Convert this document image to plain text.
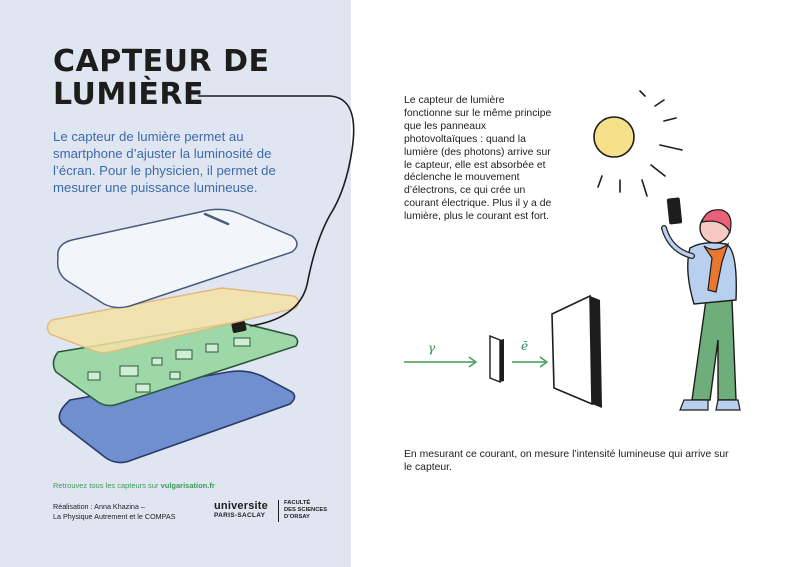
CAPTEUR DE
LUMIÈRE

Le capteur de lumière permet au smartphone d’ajuster la luminosité de l’écran. Pour le physicien, il permet de mesurer une puissance lumineuse.

Le capteur de lumière fonctionne sur le même principe que les panneaux photovoltaïques : quand la lumière (des photons) arrive sur le capteur, elle est absorbée et déclenche le mouvement d’électrons, ce qui crée un courant électrique. Plus il y a de lumière, plus le courant est fort.

γ	ē

En mesurant ce courant, on mesure l’intensité lumineuse qui arrive sur le capteur.

Retrouvez tous les capteurs sur vulgarisation.fr

Réalisation : Anna Khazina –
La Physique Autrement et le COMPAS
universite
PARIS-SACLAY
FACULTÉ
DES SCIENCES
D’ORSAY
